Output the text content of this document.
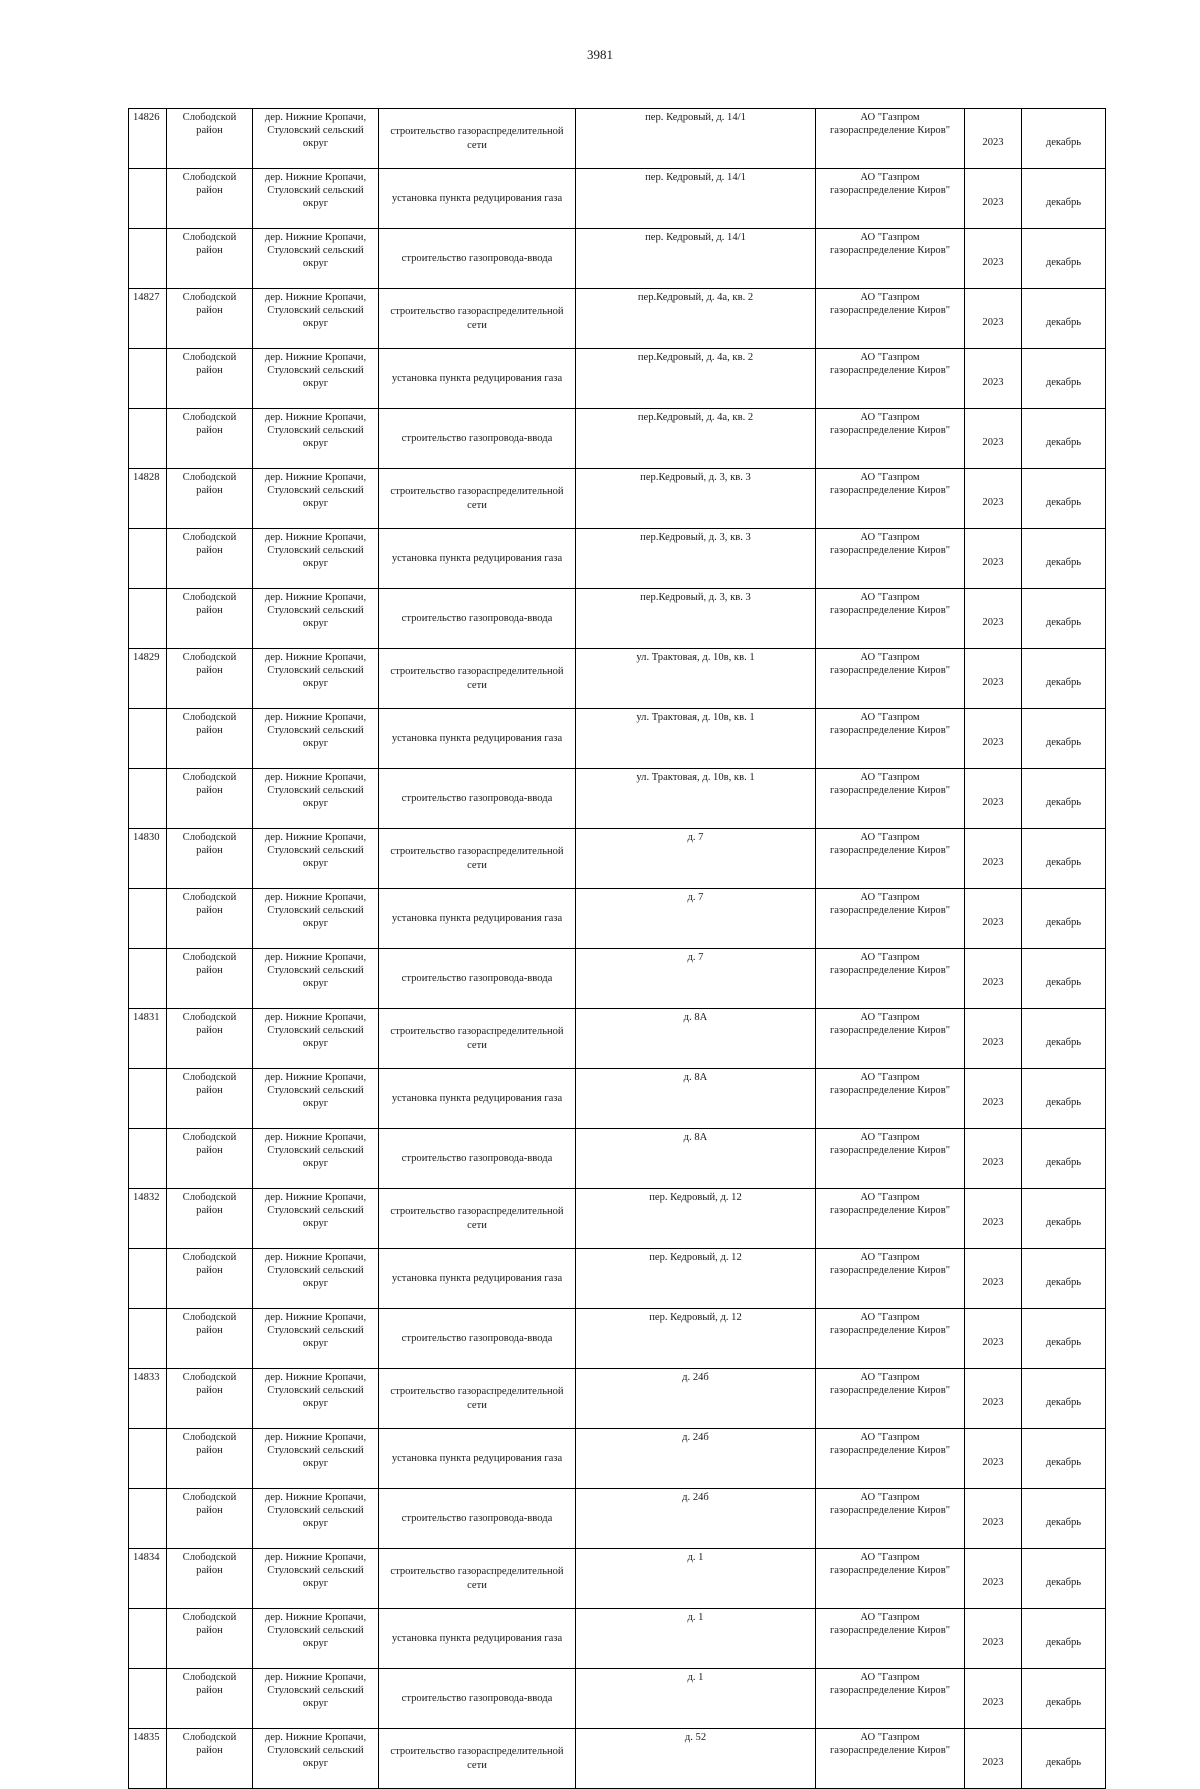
3981
14826	Слободской район	дер. Нижние Кропачи, Стуловский сельский округ	строительство газораспределительной сети	пер. Кедровый, д. 14/1	АО "Газпром газораспределение Киров"	2023	декабрь
	Слободской район	дер. Нижние Кропачи, Стуловский сельский округ	установка пункта редуцирования газа	пер. Кедровый, д. 14/1	АО "Газпром газораспределение Киров"	2023	декабрь
	Слободской район	дер. Нижние Кропачи, Стуловский сельский округ	строительство газопровода-ввода	пер. Кедровый, д. 14/1	АО "Газпром газораспределение Киров"	2023	декабрь
14827	Слободской район	дер. Нижние Кропачи, Стуловский сельский округ	строительство газораспределительной сети	пер.Кедровый, д. 4а, кв. 2	АО "Газпром газораспределение Киров"	2023	декабрь
	Слободской район	дер. Нижние Кропачи, Стуловский сельский округ	установка пункта редуцирования газа	пер.Кедровый, д. 4а, кв. 2	АО "Газпром газораспределение Киров"	2023	декабрь
	Слободской район	дер. Нижние Кропачи, Стуловский сельский округ	строительство газопровода-ввода	пер.Кедровый, д. 4а, кв. 2	АО "Газпром газораспределение Киров"	2023	декабрь
14828	Слободской район	дер. Нижние Кропачи, Стуловский сельский округ	строительство газораспределительной сети	пер.Кедровый, д. 3, кв. 3	АО "Газпром газораспределение Киров"	2023	декабрь
	Слободской район	дер. Нижние Кропачи, Стуловский сельский округ	установка пункта редуцирования газа	пер.Кедровый, д. 3, кв. 3	АО "Газпром газораспределение Киров"	2023	декабрь
	Слободской район	дер. Нижние Кропачи, Стуловский сельский округ	строительство газопровода-ввода	пер.Кедровый, д. 3, кв. 3	АО "Газпром газораспределение Киров"	2023	декабрь
14829	Слободской район	дер. Нижние Кропачи, Стуловский сельский округ	строительство газораспределительной сети	ул. Трактовая, д. 10в, кв. 1	АО "Газпром газораспределение Киров"	2023	декабрь
	Слободской район	дер. Нижние Кропачи, Стуловский сельский округ	установка пункта редуцирования газа	ул. Трактовая, д. 10в, кв. 1	АО "Газпром газораспределение Киров"	2023	декабрь
	Слободской район	дер. Нижние Кропачи, Стуловский сельский округ	строительство газопровода-ввода	ул. Трактовая, д. 10в, кв. 1	АО "Газпром газораспределение Киров"	2023	декабрь
14830	Слободской район	дер. Нижние Кропачи, Стуловский сельский округ	строительство газораспределительной сети	д. 7	АО "Газпром газораспределение Киров"	2023	декабрь
	Слободской район	дер. Нижние Кропачи, Стуловский сельский округ	установка пункта редуцирования газа	д. 7	АО "Газпром газораспределение Киров"	2023	декабрь
	Слободской район	дер. Нижние Кропачи, Стуловский сельский округ	строительство газопровода-ввода	д. 7	АО "Газпром газораспределение Киров"	2023	декабрь
14831	Слободской район	дер. Нижние Кропачи, Стуловский сельский округ	строительство газораспределительной сети	д. 8А	АО "Газпром газораспределение Киров"	2023	декабрь
	Слободской район	дер. Нижние Кропачи, Стуловский сельский округ	установка пункта редуцирования газа	д. 8А	АО "Газпром газораспределение Киров"	2023	декабрь
	Слободской район	дер. Нижние Кропачи, Стуловский сельский округ	строительство газопровода-ввода	д. 8А	АО "Газпром газораспределение Киров"	2023	декабрь
14832	Слободской район	дер. Нижние Кропачи, Стуловский сельский округ	строительство газораспределительной сети	пер. Кедровый, д. 12	АО "Газпром газораспределение Киров"	2023	декабрь
	Слободской район	дер. Нижние Кропачи, Стуловский сельский округ	установка пункта редуцирования газа	пер. Кедровый, д. 12	АО "Газпром газораспределение Киров"	2023	декабрь
	Слободской район	дер. Нижние Кропачи, Стуловский сельский округ	строительство газопровода-ввода	пер. Кедровый, д. 12	АО "Газпром газораспределение Киров"	2023	декабрь
14833	Слободской район	дер. Нижние Кропачи, Стуловский сельский округ	строительство газораспределительной сети	д. 24б	АО "Газпром газораспределение Киров"	2023	декабрь
	Слободской район	дер. Нижние Кропачи, Стуловский сельский округ	установка пункта редуцирования газа	д. 24б	АО "Газпром газораспределение Киров"	2023	декабрь
	Слободской район	дер. Нижние Кропачи, Стуловский сельский округ	строительство газопровода-ввода	д. 24б	АО "Газпром газораспределение Киров"	2023	декабрь
14834	Слободской район	дер. Нижние Кропачи, Стуловский сельский округ	строительство газораспределительной сети	д. 1	АО "Газпром газораспределение Киров"	2023	декабрь
	Слободской район	дер. Нижние Кропачи, Стуловский сельский округ	установка пункта редуцирования газа	д. 1	АО "Газпром газораспределение Киров"	2023	декабрь
	Слободской район	дер. Нижние Кропачи, Стуловский сельский округ	строительство газопровода-ввода	д. 1	АО "Газпром газораспределение Киров"	2023	декабрь
14835	Слободской район	дер. Нижние Кропачи, Стуловский сельский округ	строительство газораспределительной сети	д. 52	АО "Газпром газораспределение Киров"	2023	декабрь
